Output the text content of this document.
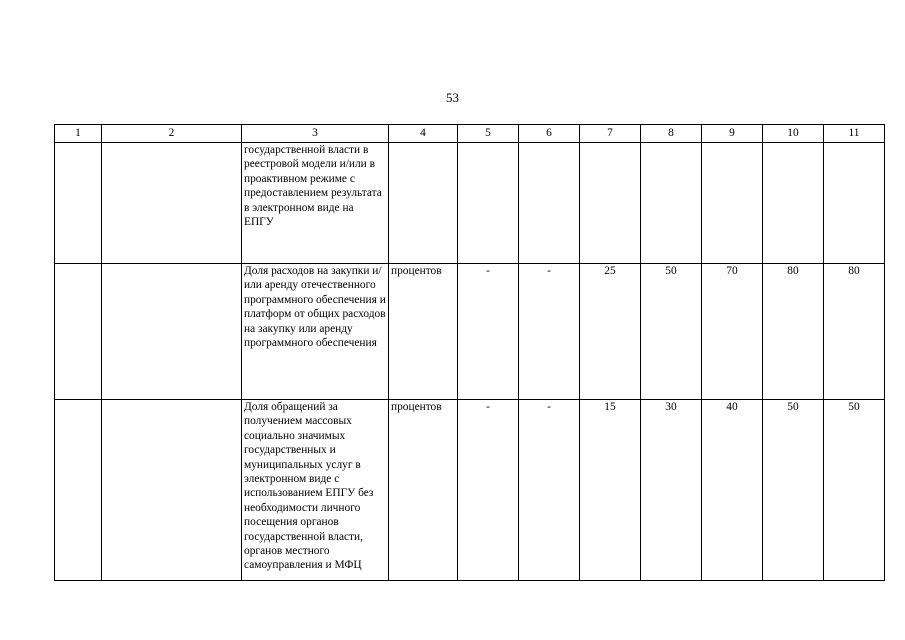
53
1	2	3	4	5	6	7	8	9	10	11
		государственной власти в реестровой модели и/или в проактивном режиме с предоставлением результата в электронном виде на ЕПГУ								
		Доля расходов на закупки и/или аренду отечественного программного обеспечения и платформ от общих расходов на закупку или аренду программного обеспечения	процентов	-	-	25	50	70	80	80
		Доля обращений за получением массовых социально значимых государственных и муниципальных услуг в электронном виде с использованием ЕПГУ без необходимости личного посещения органов государственной власти, органов местного самоуправления и МФЦ	процентов	-	-	15	30	40	50	50
